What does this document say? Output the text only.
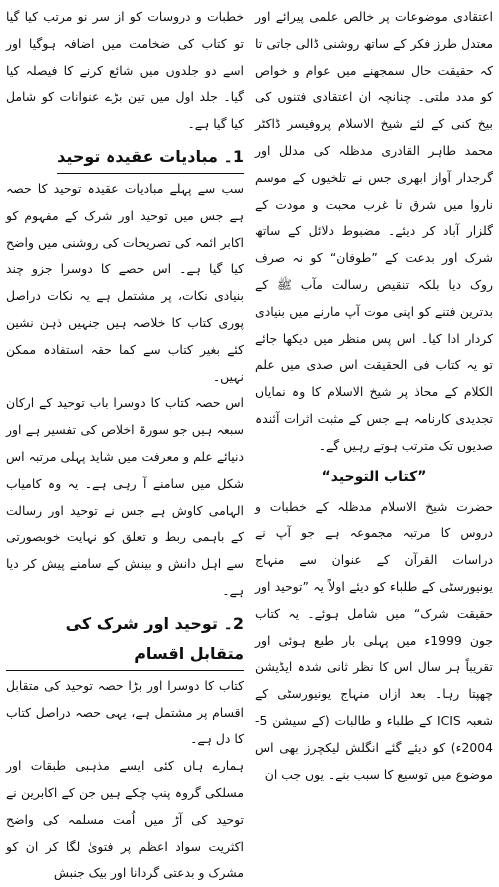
خطبات و دروسات کو از سر نو مرتب کیا گیا تو کتاب کی ضخامت میں اضافہ ہوگیا اور اسے دو جلدوں میں شائع کرنے کا فیصلہ کیا گیا۔ جلد اول میں تین بڑے عنوانات کو شامل کیا گیا ہے۔

1۔ مبادیات عقیدہ توحید

سب سے پہلے مبادیات عقیدہ توحید کا حصہ ہے جس میں توحید اور شرک کے مفہوم کو اکابر ائمہ کی تصریحات کی روشنی میں واضح کیا گیا ہے۔ اس حصے کا دوسرا جزو چند بنیادی نکات، پر مشتمل ہے یہ نکات دراصل پوری کتاب کا خلاصہ ہیں جنہیں ذہن نشین کئے بغیر کتاب سے کما حقہ استفادہ ممکن نہیں۔

اس حصہ کتاب کا دوسرا باب توحید کے ارکان سبعہ ہیں جو سورۃ اخلاص کی تفسیر ہے اور دنیائے علم و معرفت میں شاید پہلی مرتبہ اس شکل میں سامنے آ رہی ہے۔ یہ وہ کامیاب الہامی کاوش ہے جس نے توحید اور رسالت کے باہمی ربط و تعلق کو نہایت خوبصورتی سے اہل دانش و بینش کے سامنے پیش کر دیا ہے۔

2۔ توحید اور شرک کی متقابل اقسام

کتاب کا دوسرا اور بڑا حصہ توحید کی متقابل اقسام پر مشتمل ہے، یہی حصہ دراصل کتاب کا دل ہے۔

ہمارے ہاں کئی ایسے مذہبی طبقات اور مسلکی گروہ پنپ چکے ہیں جن کے اکابرین نے توحید کی آڑ میں اُمت مسلمہ کی واضح اکثریت سواد اعظم پر فتویٰ لگا کر ان کو مشرک و بدعتی گردانا اور بیک جنبش

اعتقادی موضوعات پر خالص علمی پیرائے اور معتدل طرز فکر کے ساتھ روشنی ڈالی جاتی تا کہ حقیقت حال سمجھنے میں عوام و خواص کو مدد ملتی۔ چنانچہ ان اعتقادی فتنوں کی بیخ کنی کے لئے شیخ الاسلام پروفیسر ڈاکٹر محمد طاہر القادری مدظلہ کی مدلل اور گرجدار آواز ابھری جس نے تلخیوں کے موسم ناروا میں شرق تا غرب محبت و مودت کے گلزار آباد کر دیئے۔ مضبوط دلائل کے ساتھ شرک اور بدعت کے ”طوفان“ کو نہ صرف روک دیا بلکہ تنقیص رسالت مآب ﷺ کے بدترین فتنے کو اپنی موت آپ مارنے میں بنیادی کردار ادا کیا۔ اس پس منظر میں دیکھا جائے تو یہ کتاب فی الحقیقت اس صدی میں علم الکلام کے محاذ پر شیخ الاسلام کا وہ نمایاں تجدیدی کارنامہ ہے جس کے مثبت اثرات آئندہ صدیوں تک مترتب ہوتے رہیں گے۔

”کتاب التوحید“

حضرت شیخ الاسلام مدظلہ کے خطبات و دروس کا مرتبہ مجموعہ ہے جو آپ نے دراسات القرآن کے عنوان سے منہاج یونیورسٹی کے طلباء کو دیئے اولاً یہ ”توحید اور حقیقت شرک“ میں شامل ہوئے۔ یہ کتاب جون 1999ء میں پہلی بار طبع ہوئی اور تقریباً ہر سال اس کا نظر ثانی شدہ ایڈیشن چھپتا رہا۔ بعد ازاں منہاج یونیورسٹی کے شعبہ ICIS کے طلباء و طالبات (کے سیشن 5-2004ء) کو دیئے گئے انگلش لیکچرز بھی اس موضوع میں توسیع کا سبب بنے۔ یوں جب ان
